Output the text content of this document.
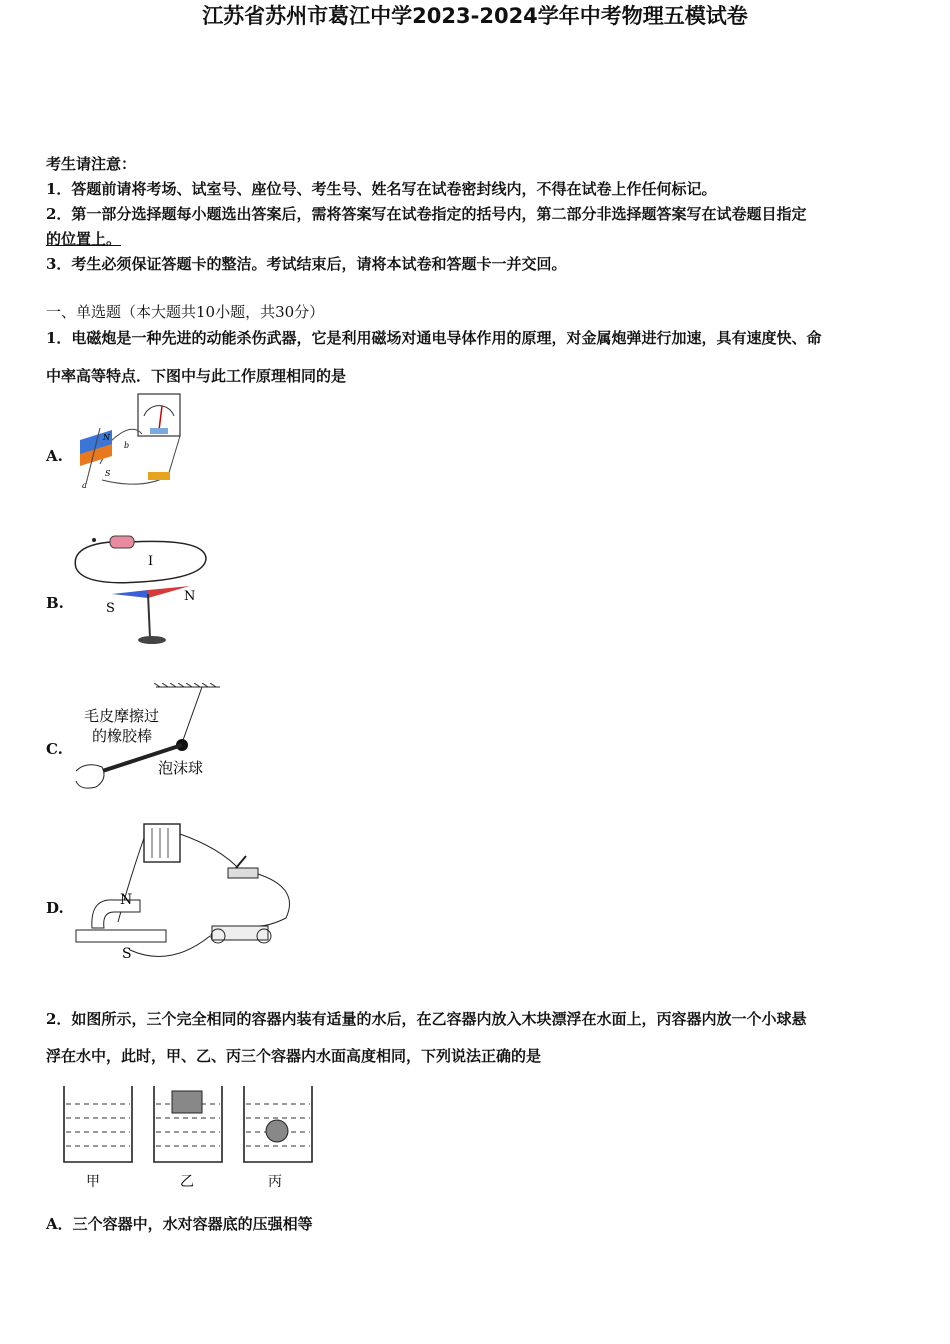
江苏省苏州市葛江中学2023-2024学年中考物理五模试卷
考生请注意：
1．答题前请将考场、试室号、座位号、考生号、姓名写在试卷密封线内，不得在试卷上作任何标记。
2．第一部分选择题每小题选出答案后，需将答案写在试卷指定的括号内，第二部分非选择题答案写在试卷题目指定
的位置上。
3．考生必须保证答题卡的整洁。考试结束后，请将本试卷和答题卡一并交回。
一、单选题（本大题共10小题，共30分）
1．电磁炮是一种先进的动能杀伤武器，它是利用磁场对通电导体作用的原理，对金属炮弹进行加速，具有速度快、命
中率高等特点．下图中与此工作原理相同的是
A.
N
S
a
b
B.
I
S
N
C.
毛皮摩擦过
的橡胶棒
泡沫球
D.	N
S
2．如图所示，三个完全相同的容器内装有适量的水后，在乙容器内放入木块漂浮在水面上，丙容器内放一个小球悬
浮在水中，此时，甲、乙、丙三个容器内水面高度相同，下列说法正确的是
甲	乙	丙
A．三个容器中，水对容器底的压强相等
